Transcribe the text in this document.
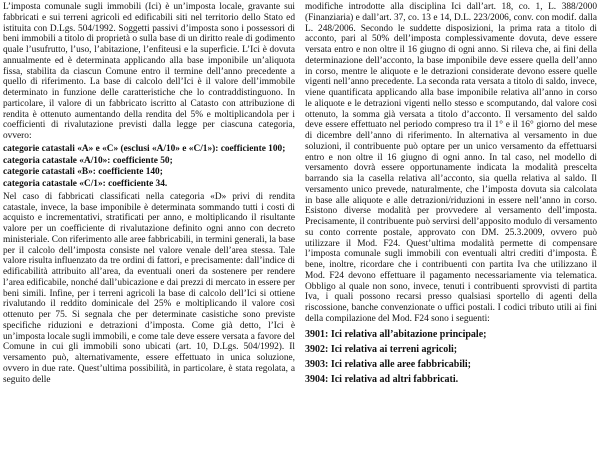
L’imposta comunale sugli immobili (Ici) è un’imposta locale, gravante sui fabbricati e sui terreni agricoli ed edificabili siti nel territorio dello Stato ed istituita con D.Lgs. 504/1992. Soggetti passivi d’imposta sono i possessori di beni immobili a titolo di proprietà o sulla base di un diritto reale di godimento quale l’usufrutto, l’uso, l’abitazione, l’enfiteusi e la superficie. L’Ici è dovuta annualmente ed è determinata applicando alla base imponibile un’aliquota fissa, stabilita da ciascun Comune entro il termine dell’anno precedente a quello di riferimento. La base di calcolo dell’Ici è il valore dell’immobile determinato in funzione delle caratteristiche che lo contraddistinguono. In particolare, il valore di un fabbricato iscritto al Catasto con attribuzione di rendita è ottenuto aumentando della rendita del 5% e moltiplicandola per i coefficienti di rivalutazione previsti dalla legge per ciascuna categoria, ovvero:

categorie catastali «A» e «C» (esclusi «A/10» e «C/1»): coefficiente 100;

categoria catastale «A/10»: coefficiente 50;

categorie catastali «B»: coefficiente 140;

categoria catastale «C/1»: coefficiente 34.

Nel caso di fabbricati classificati nella categoria «D» privi di rendita catastale, invece, la base imponibile è determinata sommando tutti i costi di acquisto e incrementativi, stratificati per anno, e moltiplicando il risultante valore per un coefficiente di rivalutazione definito ogni anno con decreto ministeriale. Con riferimento alle aree fabbricabili, in termini generali, la base per il calcolo dell’imposta consiste nel valore venale dell’area stessa. Tale valore risulta influenzato da tre ordini di fattori, e precisamente: dall’indice di edificabilità attribuito all’area, da eventuali oneri da sostenere per rendere l’area edificabile, nonché dall’ubicazione e dai prezzi di mercato in essere per beni simili. Infine, per i terreni agricoli la base di calcolo dell’Ici si ottiene rivalutando il reddito dominicale del 25% e moltiplicando il valore così ottenuto per 75. Si segnala che per determinate casistiche sono previste specifiche riduzioni e detrazioni d’imposta. Come già detto, l’Ici è un’imposta locale sugli immobili, e come tale deve essere versata a favore del Comune in cui gli immobili sono ubicati (art. 10, D.Lgs. 504/1992). Il versamento può, alternativamente, essere effettuato in unica soluzione, ovvero in due rate. Quest’ultima possibilità, in particolare, è stata regolata, a seguito delle

modifiche introdotte alla disciplina Ici dall’art. 18, co. 1, L. 388/2000 (Finanziaria) e dall’art. 37, co. 13 e 14, D.L. 223/2006, conv. con modif. dalla L. 248/2006. Secondo le suddette disposizioni, la prima rata a titolo di acconto, pari al 50% dell’imposta complessivamente dovuta, deve essere versata entro e non oltre il 16 giugno di ogni anno. Si rileva che, ai fini della determinazione dell’acconto, la base imponibile deve essere quella dell’anno in corso, mentre le aliquote e le detrazioni considerate devono essere quelle vigenti nell’anno precedente. La seconda rata versata a titolo di saldo, invece, viene quantificata applicando alla base imponibile relativa all’anno in corso le aliquote e le detrazioni vigenti nello stesso e scomputando, dal valore così ottenuto, la somma già versata a titolo d’acconto. Il versamento del saldo deve essere effettuato nel periodo compreso tra il 1° e il 16° giorno del mese di dicembre dell’anno di riferimento. In alternativa al versamento in due soluzioni, il contribuente può optare per un unico versamento da effettuarsi entro e non oltre il 16 giugno di ogni anno. In tal caso, nel modello di versamento dovrà essere opportunamente indicata la modalità prescelta barrando sia la casella relativa all’acconto, sia quella relativa al saldo. Il versamento unico prevede, naturalmente, che l’imposta dovuta sia calcolata in base alle aliquote e alle detrazioni/riduzioni in essere nell’anno in corso. Esistono diverse modalità per provvedere al versamento dell’imposta. Precisamente, il contribuente può servirsi dell’apposito modulo di versamento su conto corrente postale, approvato con DM. 25.3.2009, ovvero può utilizzare il Mod. F24. Quest’ultima modalità permette di compensare l’imposta comunale sugli immobili con eventuali altri crediti d’imposta. È bene, inoltre, ricordare che i contribuenti con partita Iva che utilizzano il Mod. F24 devono effettuare il pagamento necessariamente via telematica. Obbligo al quale non sono, invece, tenuti i contribuenti sprovvisti di partita Iva, i quali possono recarsi presso qualsiasi sportello di agenti della riscossione, banche convenzionate o uffici postali. I codici tributo utili ai fini della compilazione del Mod. F24 sono i seguenti:

3901: Ici relativa all’abitazione principale;

3902: Ici relativa ai terreni agricoli;

3903: Ici relativa alle aree fabbricabili;

3904: Ici relativa ad altri fabbricati.
